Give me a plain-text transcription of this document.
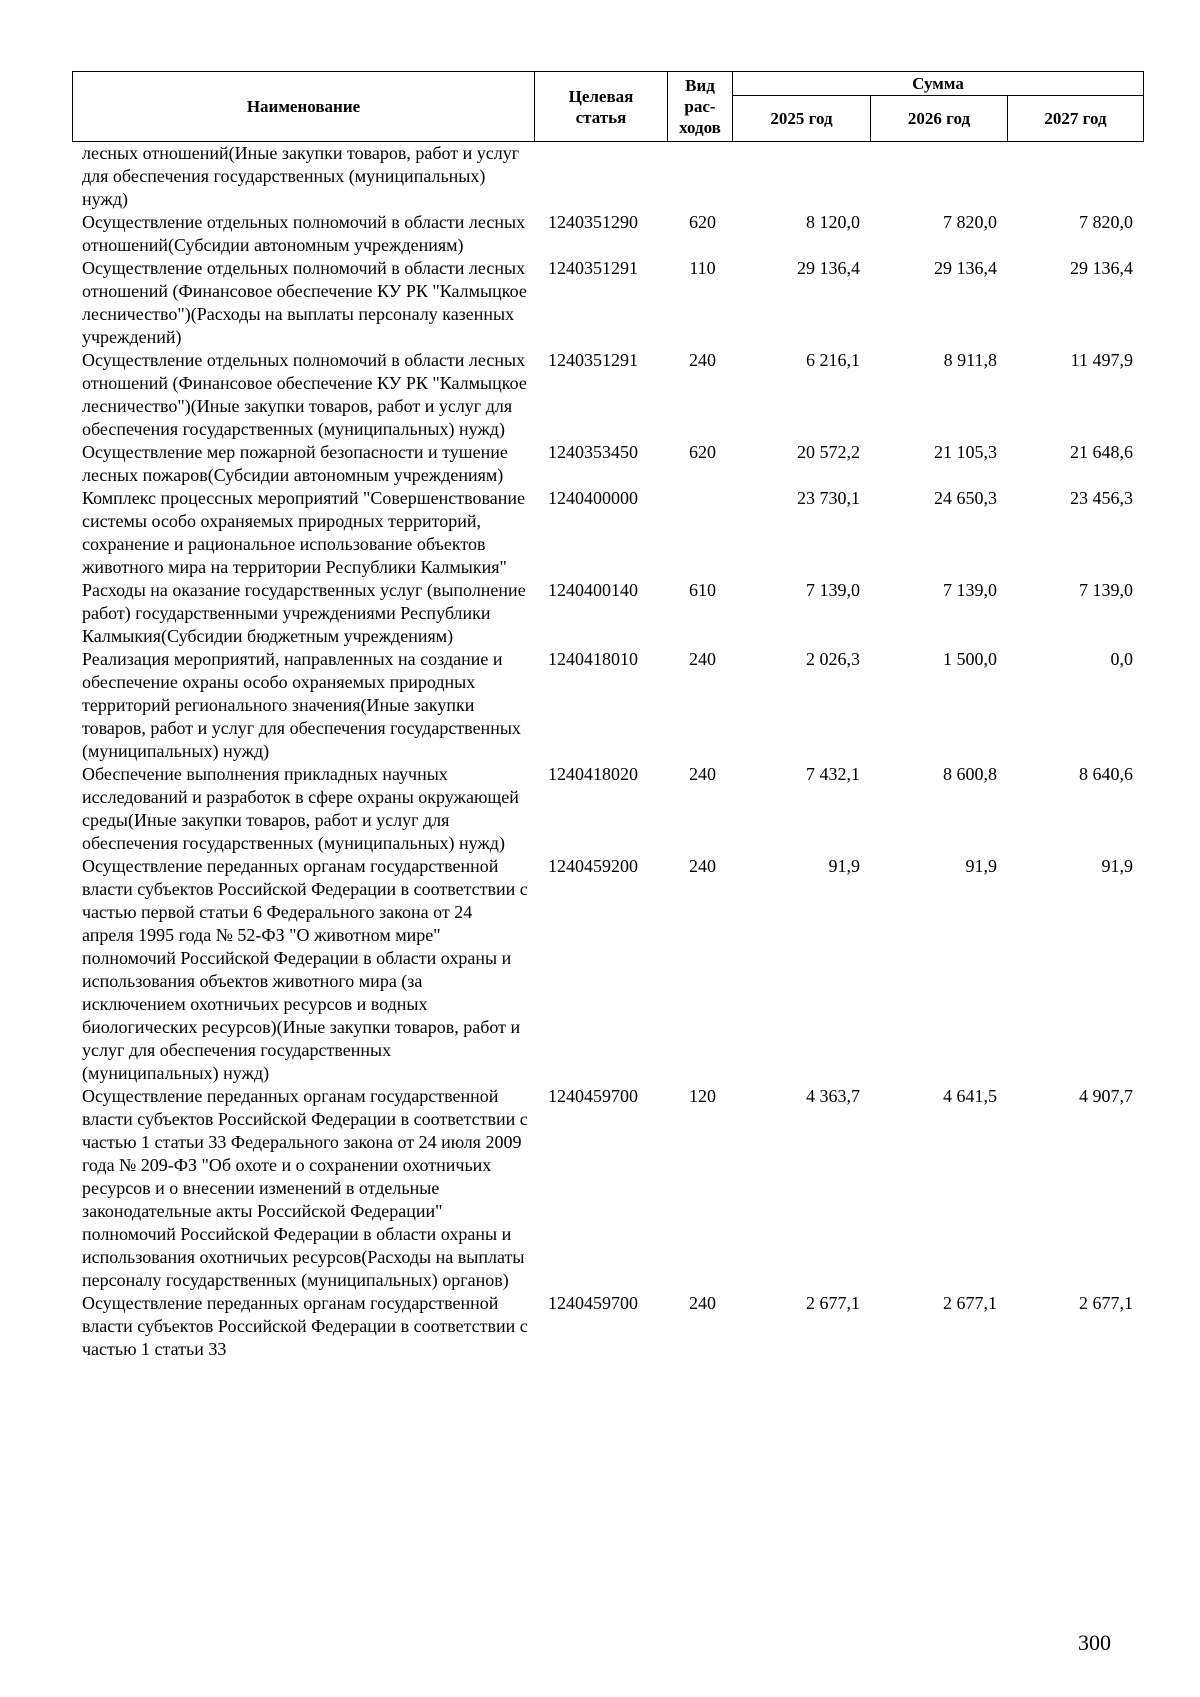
Наименование	Целевая статья	Вид рас-ходов	Сумма		
			2025 год	2026 год	2027 год
лесных отношений(Иные закупки товаров, работ и услуг для обеспечения государственных (муниципальных) нужд)					
Осуществление отдельных полномочий в области лесных отношений(Субсидии автономным учреждениям)	1240351290	620	8 120,0	7 820,0	7 820,0
Осуществление отдельных полномочий в области лесных отношений (Финансовое обеспечение КУ РК "Калмыцкое лесничество")(Расходы на выплаты персоналу казенных учреждений)	1240351291	110	29 136,4	29 136,4	29 136,4
Осуществление отдельных полномочий в области лесных отношений (Финансовое обеспечение КУ РК "Калмыцкое лесничество")(Иные закупки товаров, работ и услуг для обеспечения государственных (муниципальных) нужд)	1240351291	240	6 216,1	8 911,8	11 497,9
Осуществление мер пожарной безопасности и тушение лесных пожаров(Субсидии автономным учреждениям)	1240353450	620	20 572,2	21 105,3	21 648,6
Комплекс процессных мероприятий "Совершенствование системы особо охраняемых природных территорий, сохранение и рациональное использование объектов животного мира на территории Республики Калмыкия"	1240400000		23 730,1	24 650,3	23 456,3
Расходы на оказание государственных услуг (выполнение работ) государственными учреждениями Республики Калмыкия(Субсидии бюджетным учреждениям)	1240400140	610	7 139,0	7 139,0	7 139,0
Реализация мероприятий, направленных на создание и обеспечение охраны особо охраняемых природных территорий регионального значения(Иные закупки товаров, работ и услуг для обеспечения государственных (муниципальных) нужд)	1240418010	240	2 026,3	1 500,0	0,0
Обеспечение выполнения прикладных научных исследований и разработок в сфере охраны окружающей среды(Иные закупки товаров, работ и услуг для обеспечения государственных (муниципальных) нужд)	1240418020	240	7 432,1	8 600,8	8 640,6
Осуществление переданных органам государственной власти субъектов Российской Федерации в соответствии с частью первой статьи 6 Федерального закона от 24 апреля 1995 года № 52-ФЗ "О животном мире" полномочий Российской Федерации в области охраны и использования объектов животного мира (за исключением охотничьих ресурсов и водных биологических ресурсов)(Иные закупки товаров, работ и услуг для обеспечения государственных (муниципальных) нужд)	1240459200	240	91,9	91,9	91,9
Осуществление переданных органам государственной власти субъектов Российской Федерации в соответствии с частью 1 статьи 33 Федерального закона от 24 июля 2009 года № 209-ФЗ "Об охоте и о сохранении охотничьих ресурсов и о внесении изменений в отдельные законодательные акты Российской Федерации" полномочий Российской Федерации в области охраны и использования охотничьих ресурсов(Расходы на выплаты персоналу государственных (муниципальных) органов)	1240459700	120	4 363,7	4 641,5	4 907,7
Осуществление переданных органам государственной власти субъектов Российской Федерации в соответствии с частью 1 статьи 33	1240459700	240	2 677,1	2 677,1	2 677,1
300
